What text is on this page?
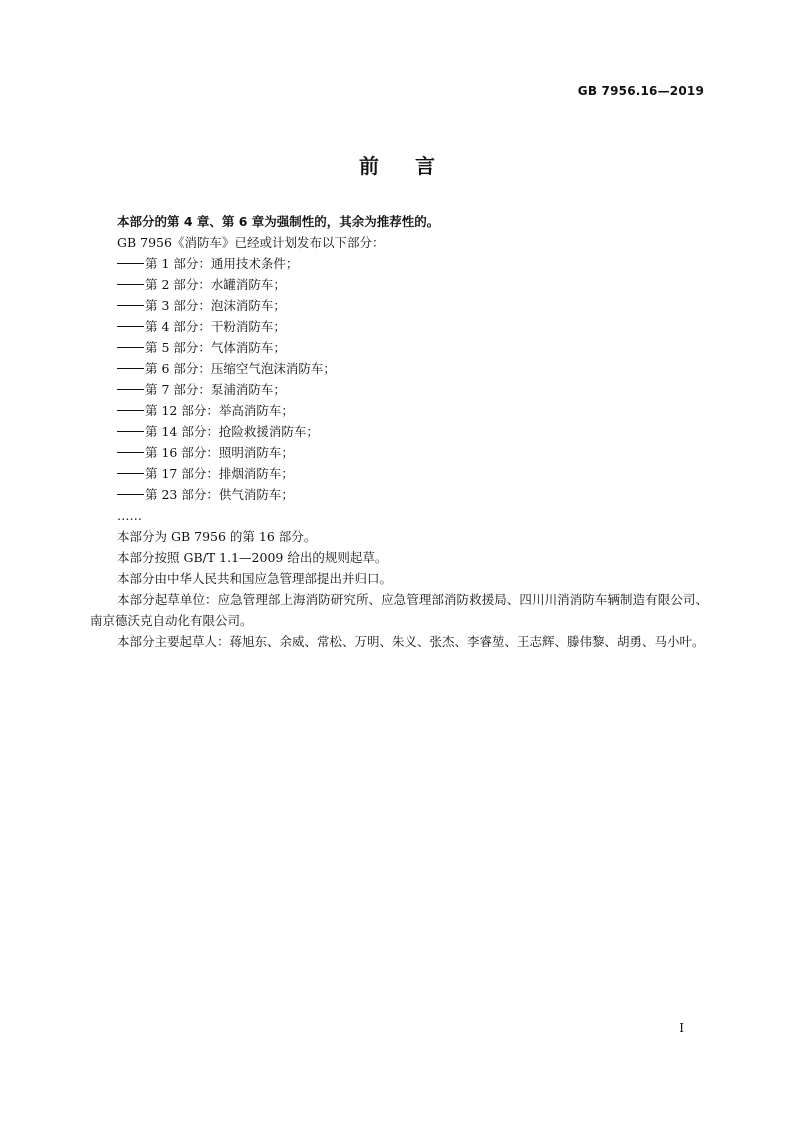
GB 7956.16—2019
前言

本部分的第 4 章、第 6 章为强制性的，其余为推荐性的。

GB 7956《消防车》已经或计划发布以下部分：

第 1 部分：通用技术条件；
第 2 部分：水罐消防车；
第 3 部分：泡沫消防车；
第 4 部分：干粉消防车；
第 5 部分：气体消防车；
第 6 部分：压缩空气泡沫消防车；
第 7 部分：泵浦消防车；
第 12 部分：举高消防车；
第 14 部分：抢险救援消防车；
第 16 部分：照明消防车；
第 17 部分：排烟消防车；
第 23 部分：供气消防车；

……

本部分为 GB 7956 的第 16 部分。

本部分按照 GB/T 1.1—2009 给出的规则起草。

本部分由中华人民共和国应急管理部提出并归口。

本部分起草单位：应急管理部上海消防研究所、应急管理部消防救援局、四川川消消防车辆制造有限公司、南京德沃克自动化有限公司。

本部分主要起草人：蒋旭东、余威、常松、万明、朱义、张杰、李睿堃、王志辉、滕伟黎、胡勇、马小叶。

I
